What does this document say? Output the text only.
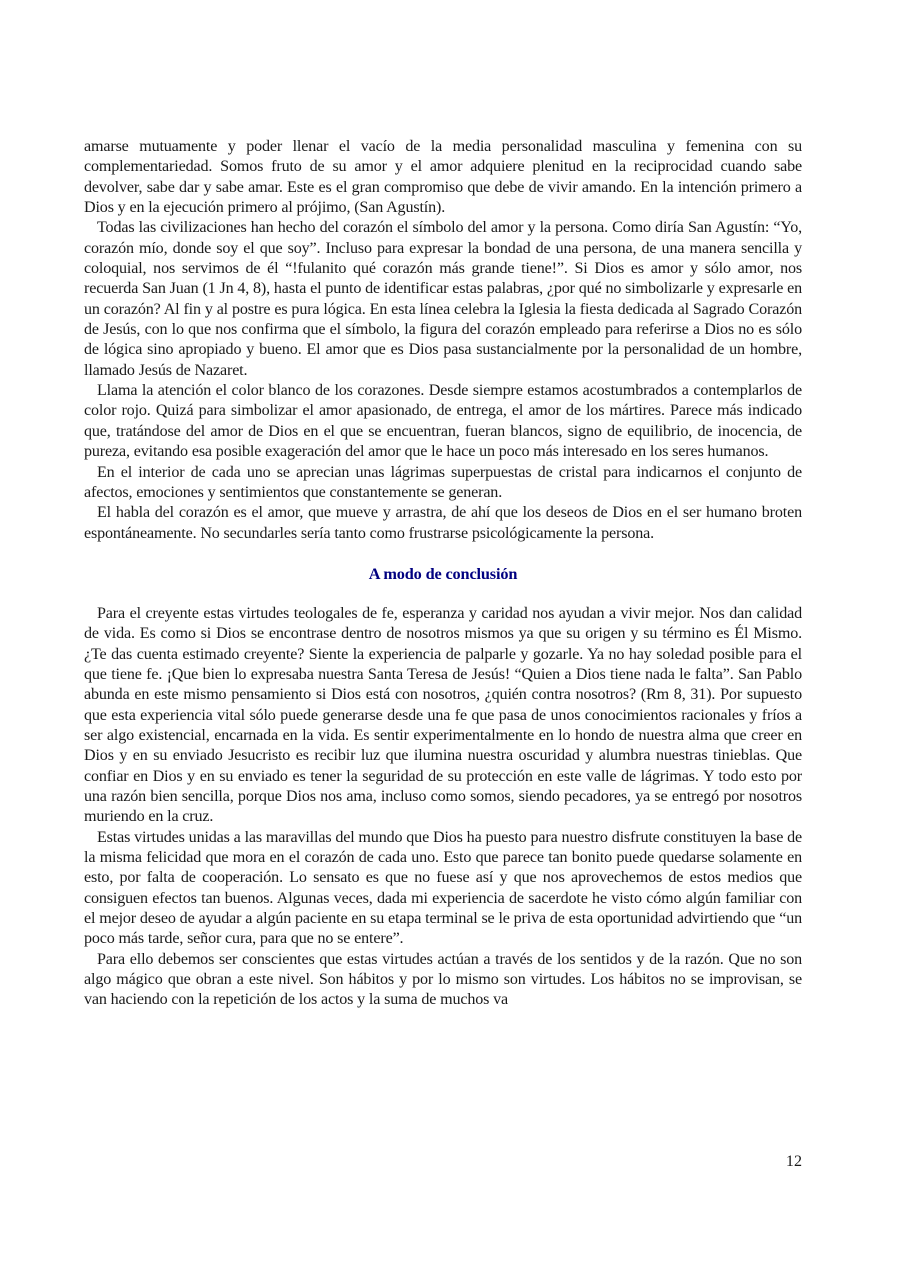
amarse mutuamente y poder llenar el vacío de la media personalidad masculina y femenina con su complementariedad. Somos fruto de su amor y el amor adquiere plenitud en la reciprocidad cuando sabe devolver, sabe dar y sabe amar. Este es el gran compromiso que debe de vivir amando. En la intención primero a Dios y en la ejecución primero al prójimo, (San Agustín).

Todas las civilizaciones han hecho del corazón el símbolo del amor y la persona. Como diría San Agustín: “Yo, corazón mío, donde soy el que soy”. Incluso para expresar la bondad de una persona, de una manera sencilla y coloquial, nos servimos de él “!fulanito qué corazón más grande tiene!”. Si Dios es amor y sólo amor, nos recuerda San Juan (1 Jn 4, 8), hasta el punto de identificar estas palabras, ¿por qué no simbolizarle y expresarle en un corazón? Al fin y al postre es pura lógica. En esta línea celebra la Iglesia la fiesta dedicada al Sagrado Corazón de Jesús, con lo que nos confirma que el símbolo, la figura del corazón empleado para referirse a Dios no es sólo de lógica sino apropiado y bueno. El amor que es Dios pasa sustancialmente por la personalidad de un hombre, llamado Jesús de Nazaret.

Llama la atención el color blanco de los corazones. Desde siempre estamos acostumbrados a contemplarlos de color rojo. Quizá para simbolizar el amor apasionado, de entrega, el amor de los mártires. Parece más indicado que, tratándose del amor de Dios en el que se encuentran, fueran blancos, signo de equilibrio, de inocencia, de pureza, evitando esa posible exageración del amor que le hace un poco más interesado en los seres humanos.

En el interior de cada uno se aprecian unas lágrimas superpuestas de cristal para indicarnos el conjunto de afectos, emociones y sentimientos que constantemente se generan.

El habla del corazón es el amor, que mueve y arrastra, de ahí que los deseos de Dios en el ser humano broten espontáneamente. No secundarles sería tanto como frustrarse psicológicamente la persona.

A modo de conclusión

Para el creyente estas virtudes teologales de fe, esperanza y caridad nos ayudan a vivir mejor. Nos dan calidad de vida. Es como si Dios se encontrase dentro de nosotros mismos ya que su origen y su término es Él Mismo. ¿Te das cuenta estimado creyente? Siente la experiencia de palparle y gozarle. Ya no hay soledad posible para el que tiene fe. ¡Que bien lo expresaba nuestra Santa Teresa de Jesús! “Quien a Dios tiene nada le falta”. San Pablo abunda en este mismo pensamiento si Dios está con nosotros, ¿quién contra nosotros? (Rm 8, 31). Por supuesto que esta experiencia vital sólo puede generarse desde una fe que pasa de unos conocimientos racionales y fríos a ser algo existencial, encarnada en la vida. Es sentir experimentalmente en lo hondo de nuestra alma que creer en Dios y en su enviado Jesucristo es recibir luz que ilumina nuestra oscuridad y alumbra nuestras tinieblas. Que confiar en Dios y en su enviado es tener la seguridad de su protección en este valle de lágrimas. Y todo esto por una razón bien sencilla, porque Dios nos ama, incluso como somos, siendo pecadores, ya se entregó por nosotros muriendo en la cruz.

Estas virtudes unidas a las maravillas del mundo que Dios ha puesto para nuestro disfrute constituyen la base de la misma felicidad que mora en el corazón de cada uno. Esto que parece tan bonito puede quedarse solamente en esto, por falta de cooperación. Lo sensato es que no fuese así y que nos aprovechemos de estos medios que consiguen efectos tan buenos. Algunas veces, dada mi experiencia de sacerdote he visto cómo algún familiar con el mejor deseo de ayudar a algún paciente en su etapa terminal se le priva de esta oportunidad advirtiendo que “un poco más tarde, señor cura, para que no se entere”.

Para ello debemos ser conscientes que estas virtudes actúan a través de los sentidos y de la razón. Que no son algo mágico que obran a este nivel. Son hábitos y por lo mismo son virtudes. Los hábitos no se improvisan, se van haciendo con la repetición de los actos y la suma de muchos va

12
